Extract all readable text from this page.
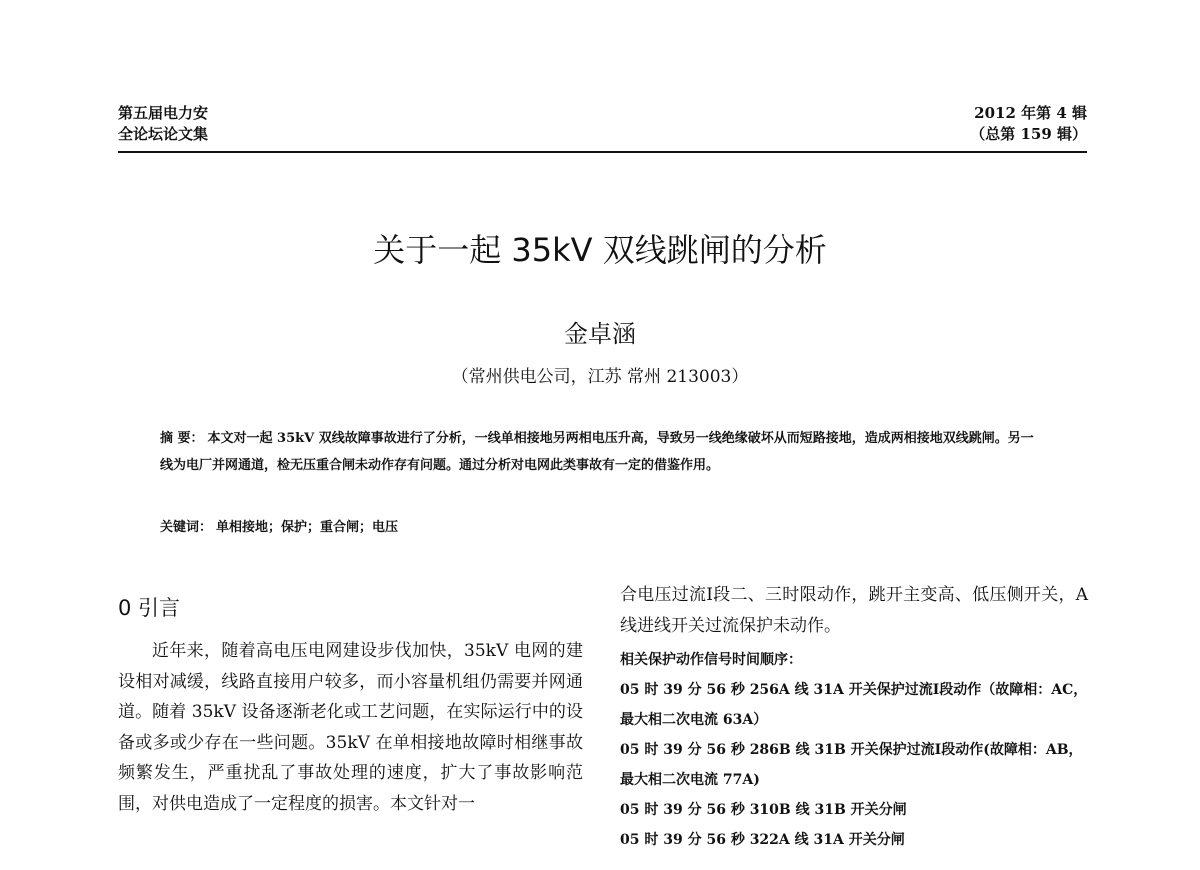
第五届电力安
全论坛论文集
2012 年第 4 辑
（总第 159 辑）
关于一起 35kV 双线跳闸的分析
金卓涵
（常州供电公司，江苏 常州 213003）

摘 要： 本文对一起 35kV 双线故障事故进行了分析，一线单相接地另两相电压升高，导致另一线绝缘破坏从而短路接地，造成两相接地双线跳闸。另一线为电厂并网通道，检无压重合闸未动作存有问题。通过分析对电网此类事故有一定的借鉴作用。

关键词： 单相接地；保护；重合闸；电压
0 引言

近年来，随着高电压电网建设步伐加快，35kV 电网的建设相对减缓，线路直接用户较多，而小容量机组仍需要并网通道。随着 35kV 设备逐渐老化或工艺问题，在实际运行中的设备或多或少存在一些问题。35kV 在单相接地故障时相继事故频繁发生，严重扰乱了事故处理的速度，扩大了事故影响范围，对供电造成了一定程度的损害。本文针对一

合电压过流Ⅰ段二、三时限动作，跳开主变高、低压侧开关，A 线进线开关过流保护未动作。

相关保护动作信号时间顺序：

05 时 39 分 56 秒 256A 线 31A 开关保护过流Ⅰ段动作（故障相：AC，最大相二次电流 63A）

05 时 39 分 56 秒 286B 线 31B 开关保护过流Ⅰ段动作(故障相：AB，最大相二次电流 77A)

05 时 39 分 56 秒 310B 线 31B 开关分闸

05 时 39 分 56 秒 322A 线 31A 开关分闸
